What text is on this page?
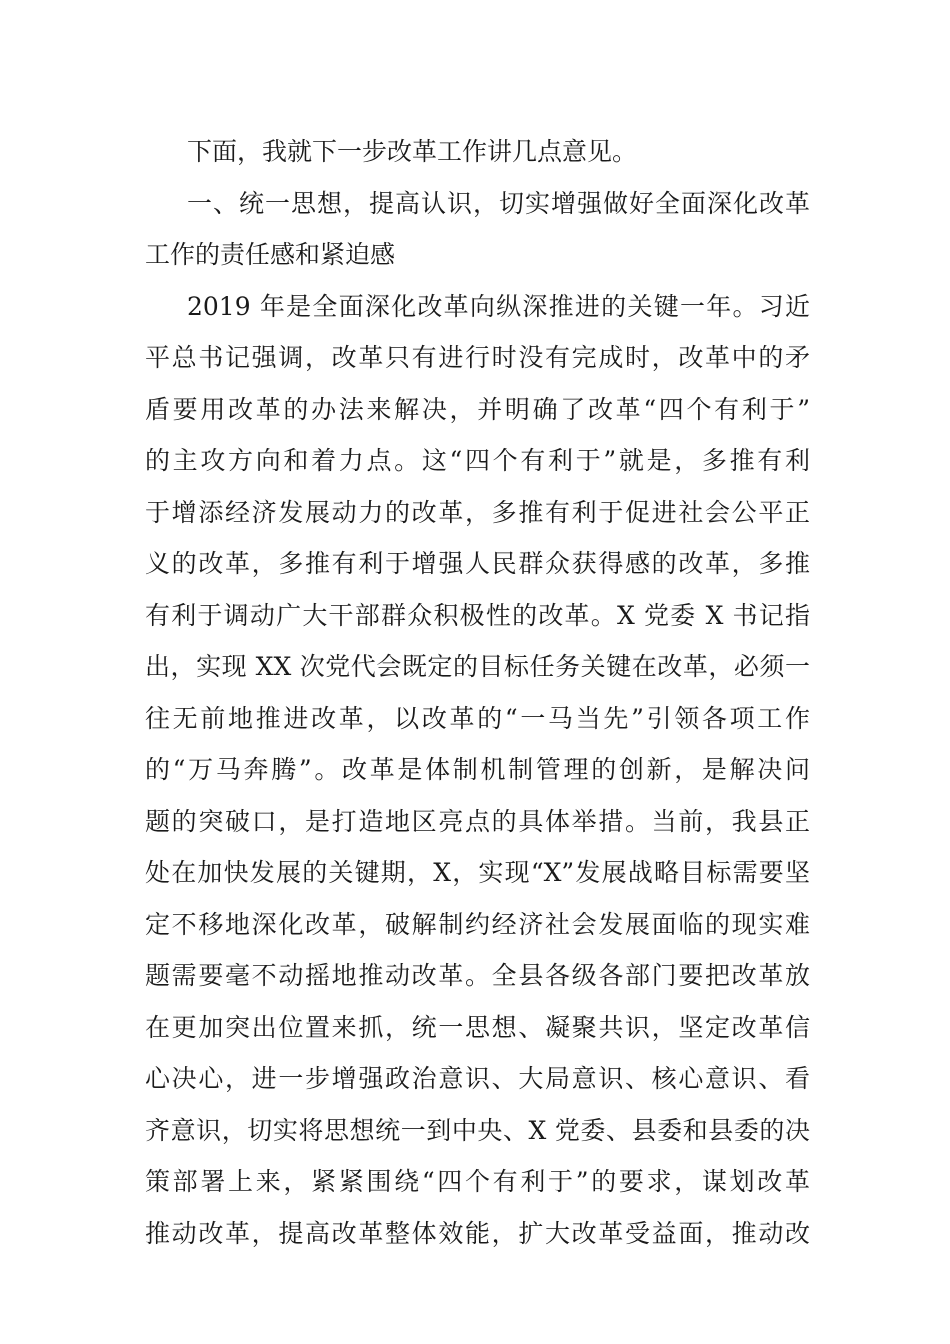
下面，我就下一步改革工作讲几点意见。
一、统一思想，提高认识，切实增强做好全面深化改革
工作的责任感和紧迫感
2019 年是全面深化改革向纵深推进的关键一年。习近
平总书记强调，改革只有进行时没有完成时，改革中的矛
盾要用改革的办法来解决，并明确了改革“四个有利于”
的主攻方向和着力点。这“四个有利于”就是，多推有利
于增添经济发展动力的改革，多推有利于促进社会公平正
义的改革，多推有利于增强人民群众获得感的改革，多推
有利于调动广大干部群众积极性的改革。X 党委 X 书记指
出，实现 XX 次党代会既定的目标任务关键在改革，必须一
往无前地推进改革，以改革的“一马当先”引领各项工作
的“万马奔腾”。改革是体制机制管理的创新，是解决问
题的突破口，是打造地区亮点的具体举措。当前，我县正
处在加快发展的关键期，X，实现“X”发展战略目标需要坚
定不移地深化改革，破解制约经济社会发展面临的现实难
题需要毫不动摇地推动改革。全县各级各部门要把改革放
在更加突出位置来抓，统一思想、凝聚共识，坚定改革信
心决心，进一步增强政治意识、大局意识、核心意识、看
齐意识，切实将思想统一到中央、X 党委、县委和县委的决
策部署上来，紧紧围绕“四个有利于”的要求，谋划改革
推动改革，提高改革整体效能，扩大改革受益面，推动改
